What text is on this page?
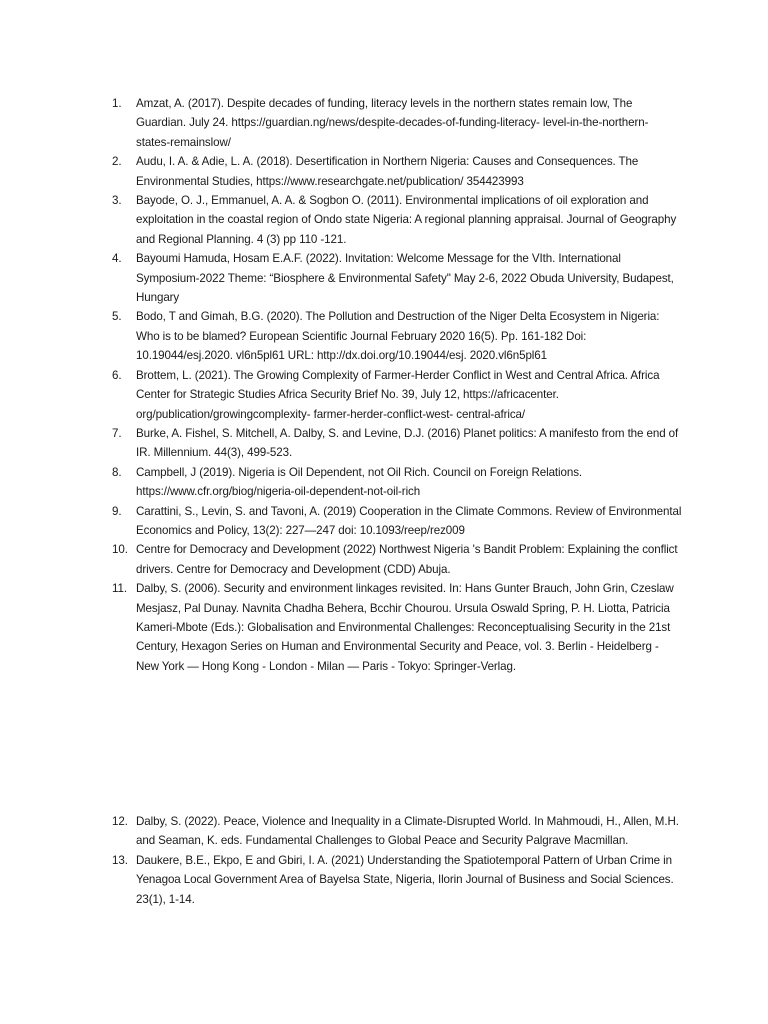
1.	Amzat, A. (2017). Despite decades of funding, literacy levels in the northern states remain low, The Guardian. July 24. https://guardian.ng/news/despite-decades-of-funding-literacy- level-in-the-northern-states-remainslow/
2.	Audu, I. A. & Adie, L. A. (2018). Desertification in Northern Nigeria: Causes and Consequences. The Environmental Studies, https://www.researchgate.net/publication/ 354423993
3.	Bayode, O. J., Emmanuel, A. A. & Sogbon O. (2011). Environmental implications of oil exploration and exploitation in the coastal region of Ondo state Nigeria: A regional planning appraisal. Journal of Geography and Regional Planning. 4 (3) pp 110 -121.
4.	Bayoumi Hamuda, Hosam E.A.F. (2022). Invitation: Welcome Message for the VIth. International Symposium-2022 Theme: “Biosphere & Environmental Safety" May 2-6, 2022 Obuda University, Budapest, Hungary
5.	Bodo, T and Gimah, B.G. (2020). The Pollution and Destruction of the Niger Delta Ecosystem in Nigeria: Who is to be blamed? European Scientific Journal February 2020 16(5). Pp. 161-182 Doi: 10.19044/esj.2020. vl6n5pl61 URL: http://dx.doi.org/10.19044/esj. 2020.vl6n5pl61
6.	Brottem, L. (2021). The Growing Complexity of Farmer-Herder Conflict in West and Central Africa. Africa Center for Strategic Studies Africa Security Brief No. 39, July 12, https://africacenter. org/publication/growingcomplexity- farmer-herder-conflict-west- central-africa/
7.	Burke, A. Fishel, S. Mitchell, A. Dalby, S. and Levine, D.J. (2016) Planet politics: A manifesto from the end of IR. Millennium. 44(3), 499-523.
8.	Campbell, J (2019). Nigeria is Oil Dependent, not Oil Rich. Council on Foreign Relations. https://www.cfr.org/biog/nigeria-oil-dependent-not-oil-rich
9.	Carattini, S., Levin, S. and Tavoni, A. (2019) Cooperation in the Climate Commons. Review of Environmental Economics and Policy, 13(2): 227—247 doi: 10.1093/reep/rez009
10. Centre for Democracy and Development (2022) Northwest Nigeria 's Bandit Problem: Explaining the conflict drivers. Centre for Democracy and Development (CDD) Abuja.
11. Dalby, S. (2006). Security and environment linkages revisited. In: Hans Gunter Brauch, John Grin, Czeslaw Mesjasz, Pal Dunay. Navnita Chadha Behera, Bcchir Chourou. Ursula Oswald Spring, P. H. Liotta, Patricia Kameri-Mbote (Eds.): Globalisation and Environmental Challenges: Reconceptualising Security in the 21st Century, Hexagon Series on Human and Environmental Security and Peace, vol. 3. Berlin - Heidelberg - New York — Hong Kong - London - Milan — Paris - Tokyo: Springer-Verlag.
12. Dalby, S. (2022). Peace, Violence and Inequality in a Climate-Disrupted World. In Mahmoudi, H., Allen, M.H. and Seaman, K. eds. Fundamental Challenges to Global Peace and Security Palgrave Macmillan.
13. Daukere, B.E., Ekpo, E and Gbiri, I. A. (2021) Understanding the Spatiotemporal Pattern of Urban Crime in Yenagoa Local Government Area of Bayelsa State, Nigeria, Ilorin Journal of Business and Social Sciences. 23(1), 1-14.
